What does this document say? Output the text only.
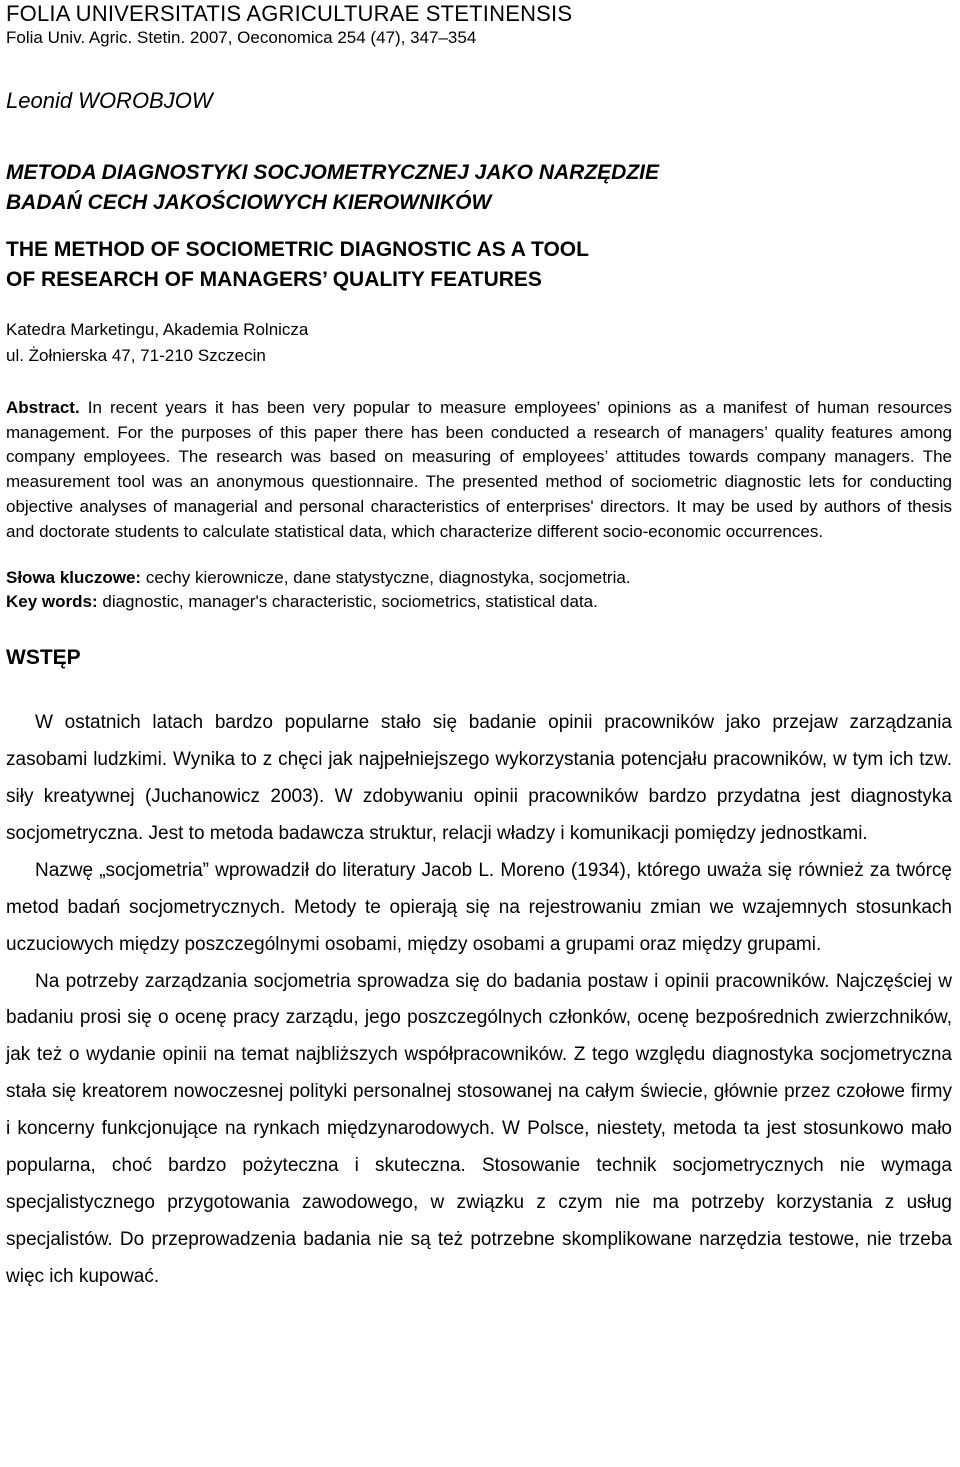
FOLIA UNIVERSITATIS AGRICULTURAE STETINENSIS
Folia Univ. Agric. Stetin. 2007, Oeconomica 254 (47), 347–354
Leonid WOROBJOW
METODA DIAGNOSTYKI SOCJOMETRYCZNEJ JAKO NARZĘDZIE
BADAŃ CECH JAKOŚCIOWYCH KIEROWNIKÓW
THE METHOD OF SOCIOMETRIC DIAGNOSTIC AS A TOOL
OF RESEARCH OF MANAGERS’ QUALITY FEATURES
Katedra Marketingu, Akademia Rolnicza
ul. Żołnierska 47, 71-210 Szczecin
Abstract. In recent years it has been very popular to measure employees’ opinions as a manifest of human resources management. For the purposes of this paper there has been conducted a research of managers’ quality features among company employees. The research was based on measuring of employees’ attitudes towards company managers. The measurement tool was an anonymous questionnaire. The presented method of sociometric diagnostic lets for conducting objective analyses of managerial and personal characteristics of enterprises' directors. It may be used by authors of thesis and doctorate students to calculate statistical data, which characterize different socio-economic occurrences.
Słowa kluczowe: cechy kierownicze, dane statystyczne, diagnostyka, socjometria.
Key words: diagnostic, manager's characteristic, sociometrics, statistical data.
WSTĘP

W ostatnich latach bardzo popularne stało się badanie opinii pracowników jako przejaw zarządzania zasobami ludzkimi. Wynika to z chęci jak najpełniejszego wykorzystania potencjału pracowników, w tym ich tzw. siły kreatywnej (Juchanowicz 2003). W zdobywaniu opinii pracowników bardzo przydatna jest diagnostyka socjometryczna. Jest to metoda badawcza struktur, relacji władzy i komunikacji pomiędzy jednostkami.

Nazwę „socjometria” wprowadził do literatury Jacob L. Moreno (1934), którego uważa się również za twórcę metod badań socjometrycznych. Metody te opierają się na rejestrowaniu zmian we wzajemnych stosunkach uczuciowych między poszczególnymi osobami, między osobami a grupami oraz między grupami.

Na potrzeby zarządzania socjometria sprowadza się do badania postaw i opinii pracowników. Najczęściej w badaniu prosi się o ocenę pracy zarządu, jego poszczególnych członków, ocenę bezpośrednich zwierzchników, jak też o wydanie opinii na temat najbliższych współpracowników. Z tego względu diagnostyka socjometryczna stała się kreatorem nowoczesnej polityki personalnej stosowanej na całym świecie, głównie przez czołowe firmy i koncerny funkcjonujące na rynkach międzynarodowych. W Polsce, niestety, metoda ta jest stosunkowo mało popularna, choć bardzo pożyteczna i skuteczna. Stosowanie technik socjometrycznych nie wymaga specjalistycznego przygotowania zawodowego, w związku z czym nie ma potrzeby korzystania z usług specjalistów. Do przeprowadzenia badania nie są też potrzebne skomplikowane narzędzia testowe, nie trzeba więc ich kupować.
